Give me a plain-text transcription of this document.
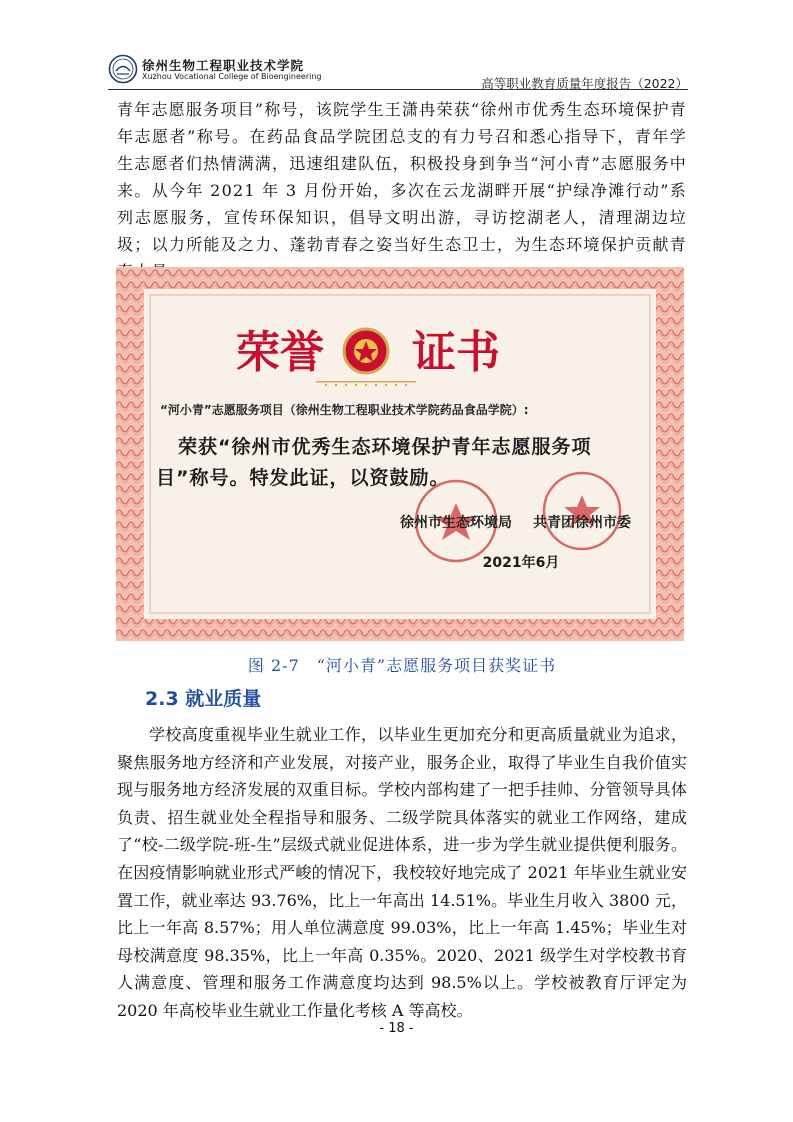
徐州生物工程职业技术学院
Xuzhou Vocational College of Bioengineering	高等职业教育质量年度报告（2022）
青年志愿服务项目”称号，该院学生王潇冉荣获“徐州市优秀生态环境保护青年志愿者”称号。在药品食品学院团总支的有力号召和悉心指导下，青年学生志愿者们热情满满，迅速组建队伍，积极投身到争当“河小青”志愿服务中来。从今年 2021 年 3 月份开始，多次在云龙湖畔开展“护绿净滩行动”系列志愿服务，宣传环保知识，倡导文明出游，寻访挖湖老人，清理湖边垃圾；以力所能及之力、蓬勃青春之姿当好生态卫士，为生态环境保护贡献青
荣誉 证书
“河小青”志愿服务项目（徐州生物工程职业技术学院药品食品学院）:
荣获“徐州市优秀生态环境保护青年志愿服务项
目”称号。特发此证，以资鼓励。
徐州市生态环境局 共青团徐州市委
2021年6月
图 2-7　“河小青”志愿服务项目获奖证书
2.3 就业质量
学校高度重视毕业生就业工作，以毕业生更加充分和更高质量就业为追求，聚焦服务地方经济和产业发展，对接产业，服务企业，取得了毕业生自我价值实现与服务地方经济发展的双重目标。学校内部构建了一把手挂帅、分管领导具体负责、招生就业处全程指导和服务、二级学院具体落实的就业工作网络，建成了“校-二级学院-班-生”层级式就业促进体系，进一步为学生就业提供便利服务。在因疫情影响就业形式严峻的情况下，我校较好地完成了 2021 年毕业生就业安置工作，就业率达 93.76%，比上一年高出 14.51%。毕业生月收入 3800 元，比上一年高 8.57%；用人单位满意度 99.03%，比上一年高 1.45%；毕业生对母校满意度 98.35%，比上一年高 0.35%。2020、2021 级学生对学校教书育人满意度、管理和服务工作满意度均达到 98.5%以上。学校被教育厅评定为 2020 年高校毕业生就业工作量化考核 A 等高校。
- 18 -
